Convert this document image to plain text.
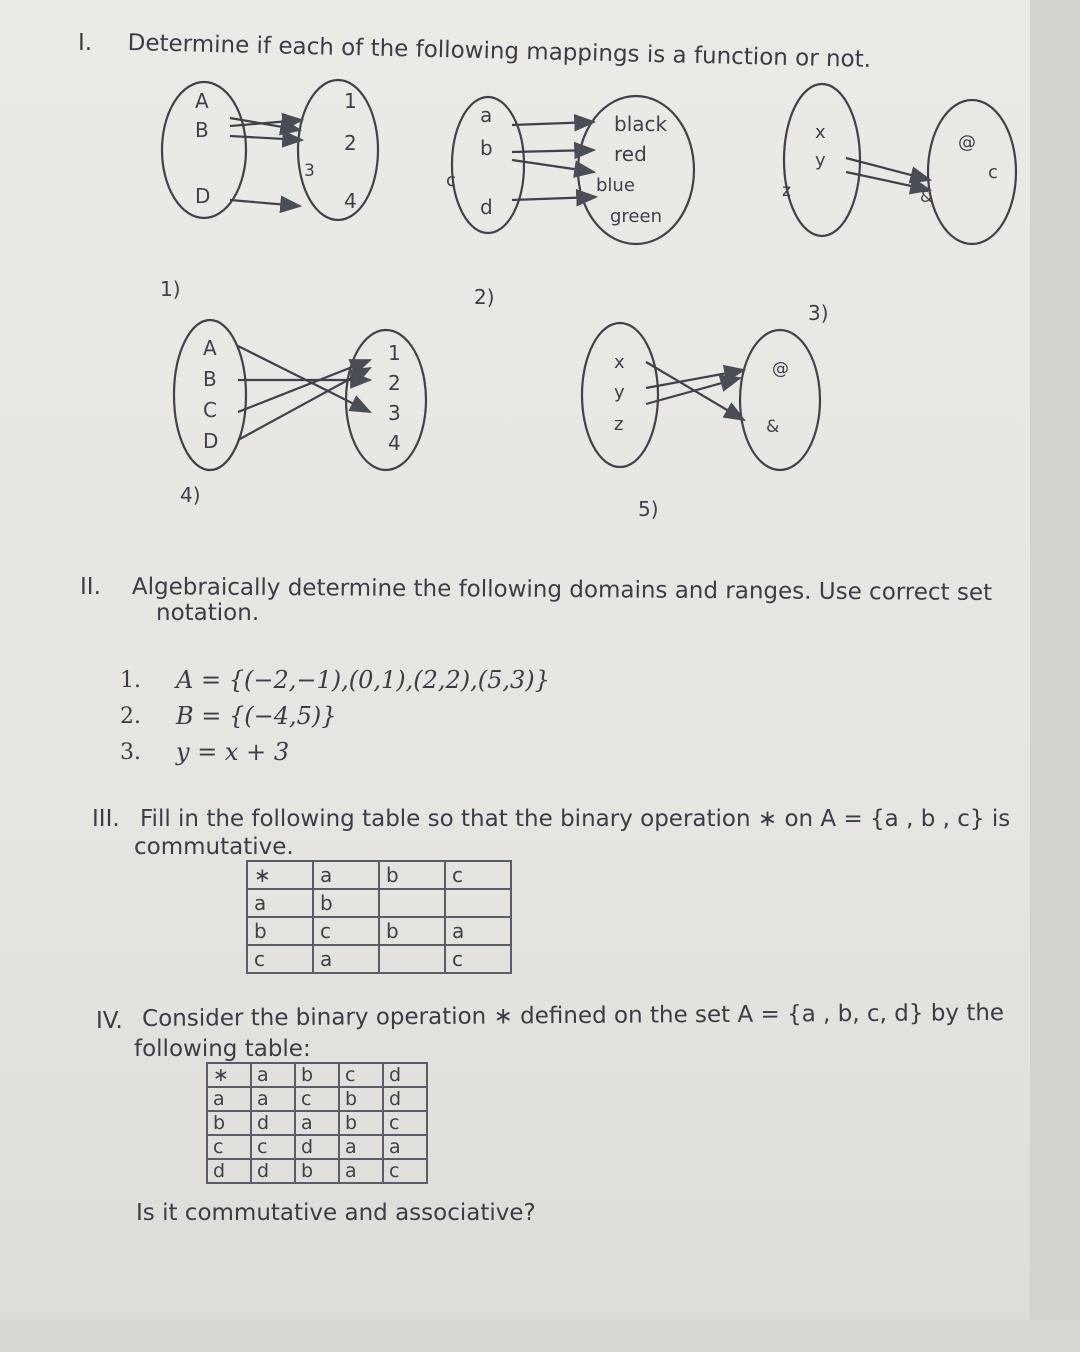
I. Determine if each of the following mappings is a function or not.
A
B
D
1
2
4
3
1)
a
b
d
black
red
blue
green
c
2)
x
y
@
c
z	&
3)
A
B
C
D
1
2
3
4
4)
x
y
z
@
&
5)
II. Algebraically determine the following domains and ranges. Use correct set
notation.
1. A = {(−2,−1),(0,1),(2,2),(5,3)}
2. B = {(−4,5)}
3. y = x + 3
III. Fill in the following table so that the binary operation ∗ on A = {a , b , c} is
commutative.
∗	a	b	c
a	b		
b	c	b	a
c	a		c
IV. Consider the binary operation ∗ defined on the set A = {a , b, c, d} by the
following table:
∗	a	b	c	d
a	a	c	b	d
b	d	a	b	c
c	c	d	a	a
d	d	b	a	c
Is it commutative and associative?
